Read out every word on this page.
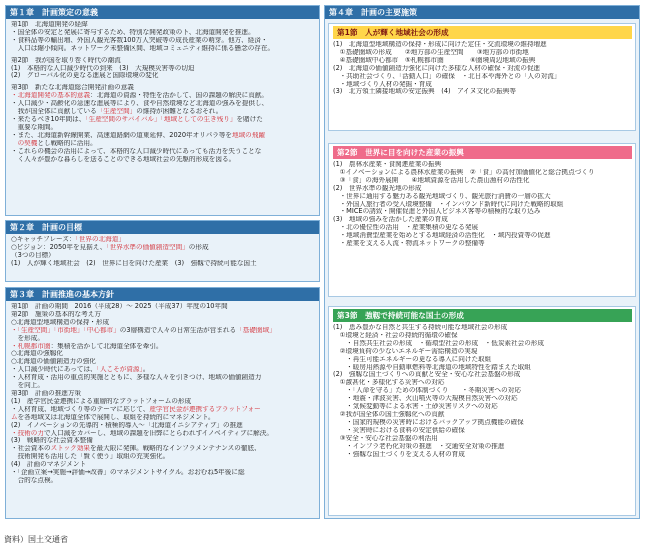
第１章　計画策定の意義
第1節　北海道開発の経緯
・国全体の安定と発展に寄与するため、特別な開発政策の下、北海道開発を推進。
・食料品等の輸出増、外国人観光客数100万人突破等の成長産業の萌芽。他方、経済・
　人口は縮小傾向。ネットワーク未整備区間、地域コミュニティ維持に係る懸念の存在。
第2節　我が国を取り巻く時代の潮流
(1)　本格的な人口減少時代の到来　(3)　大規模災害等の切迫
(2)　グローバル化の更なる進展と国際環境の変化
第3節　新たな北海道総合開発計画の意義
・北海道開発の基本的意義：北海道の資源・特性を活かして、国の課題の解決に貢献。
・人口減少・高齢化の急速な進展等により、食や自然環境など北海道の強みを提供し、
　我が国全体に貢献している「生産空間」の維持が困難となるおそれ。
・来たるべき10年間は、「生産空間のサバイバル」「地域としての生き残り」を賭けた
　重要な期間。
・また、北海道新幹線開業、高速道路網の道東延伸、2020年オリパラ等を地域の飛躍
　の契機とし戦略的に活用。
・これらの機会の活用によって、本格的な人口減少時代にあっても活力を失うことな
　く人々が豊かな暮らしを送ることのできる地域社会の先駆的形成を図る。
第２章　計画の目標
○キャッチフレーズ：「世界の北海道」
○ビジョン：2050年を見据え、「世界水準の価値創造空間」の形成
（3つの目標）
(1)　人が輝く地域社会　(2)　世界に目を向けた産業　(3)　強靱で持続可能な国土
第３章　計画推進の基本方針
第1節　計画の期間　2016（平成28）～ 2025（平成37）年度の10年間
第2節　施策の基本的な考え方
○北海道型地域構造の保持・形成
・「生産空間」「市街地」「中心都市」の3層構造で人々の日常生活が営まれる「基礎圏域」
　を形成。
・札幌都市圏：集積を活かして北海道全体を牽引。
○北海道の強靱化
○北海道の価値創造力の強化
・人口減少時代にあっては、「人こそが資源」。
・人材育成・活用の重点的実施とともに、多様な人々を引きつけ、地域の価値創造力
　を向上。
第3節　計画の推進方策
(1)　産学官民金連携による重層的なプラットフォームの形成
・人材育成、地域づくり等のテーマに応じて、産学官民金が連携するプラットフォー
ムを各地域又は北海道全体で展開し、取組を持続的にマネジメント。
(2)　イノベーションの先導的・積極的導入～「北海道イニシアティブ」の推進
・技術の力で人口減をカバーし、地域の課題を旧弊にとらわれずイノベイティブに解決。
(3)　戦略的な社会資本整備
・社会資本のストック効果を最大限に発揮。戦略的なインフラメンテナンスの徹底、
　技術開発も活用した「賢く使う」取組の充実強化。
(4)　計画のマネジメント
・「企画立案→実施→評価→改善」のマネジメントサイクル。おおむね5年後に総
　合的な点検。
第４章　計画の主要施策
第1節　人が輝く地域社会の形成
(1)　北海道型地域構造の保持・形成に向けた定住・交流環境の維持増進
　①基礎圏域の形成　　②地方部の生産空間　　③地方部の市街地
　④基礎圏域中心都市　⑤札幌都市圏　　　　⑥圏境周辺地域の振興
(2)　北海道の価値創造力強化に向けた多様な人材の確保・対流の促進
　・共助社会づくり、「活動人口」の確保　・北日本や海外との「人の対流」
　・地域づくり人材の発掘・育成
(3)　北方領土隣接地域の安定振興　(4)　アイヌ文化の振興等
第2節　世界に目を向けた産業の振興
(1)　農林水産業・食関連産業の振興
　①イノベーションによる農林水産業の振興　②「食」の高付加価値化と総合拠点づくり
　③「食」の海外展開　　④地域資源を活用した農山漁村の活性化
(2)　世界水準の観光地の形成
　・世界に通用する魅力ある観光地域づくり、観光旅行消費の一層の拡大
　・外国人旅行者の受入環境整備　・インバウンド新時代に向けた戦略的取組
　・MICEの誘致・開催促進と外国人ビジネス客等の積極的な取り込み
(3)　地域の強みを活かした産業の育成
　・北の優位性の活用　・産業集積の更なる発展
　・地域消費型産業を始めとする地域経済の活性化　・域内投資等の促進
　・産業を支える人流・物流ネットワークの整備等
第3節　強靱で持続可能な国土の形成
(1)　恵み豊かな自然と共生する持続可能な地域社会の形成
　①環境と経済・社会の持続的循環の確保
　　・自然共生社会の形成　・循環型社会の形成　・低炭素社会の形成
　②環境負荷の少ないエネルギー需給構造の実現
　　・再生可能エネルギーの更なる導入に向けた取組
　　・暖房用熱源や自動車燃料等北海道の地域特性を踏まえた取組
(2)　強靱な国土づくりへの貢献と安全・安心な社会基盤の形成
　①激甚化・多様化する災害への対応
　　・「人命を守る」ための体制づくり　　・冬期災害への対応
　　・地震・津波災害、火山噴火等の大規模自然災害への対応
　　・気候変動等による水害・土砂災害リスクへの対応
　②我が国全体の国土強靱化への貢献
　　・国家的規模の災害時におけるバックアップ拠点機能の確保
　　・災害時における食料の安定供給の確保
　③安全・安心な社会基盤の利活用
　　・インフラ老朽化対策の推進　・交通安全対策の推進
　　・強靱な国土づくりを支える人材の育成
資料）国土交通省
